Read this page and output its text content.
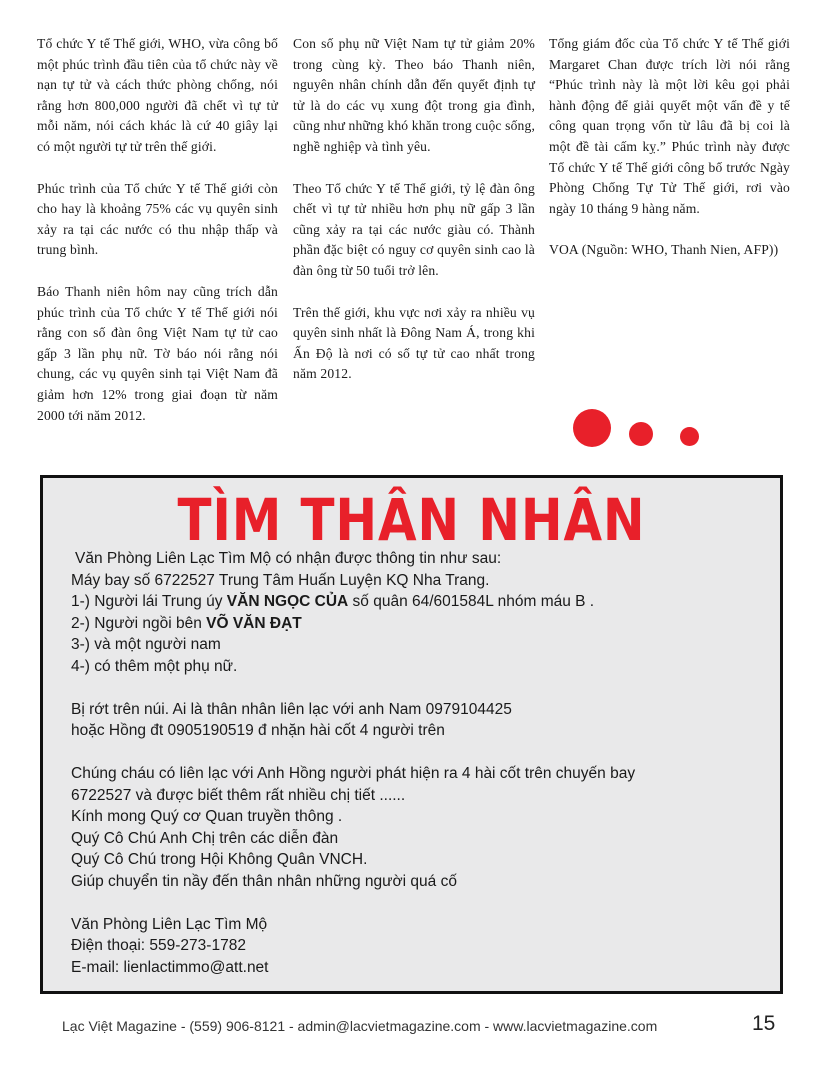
Tổ chức Y tế Thế giới, WHO, vừa công bố một phúc trình đầu tiên của tổ chức này về nạn tự tử và cách thức phòng chống, nói rằng hơn 800,000 người đã chết vì tự tử mỗi năm, nói cách khác là cứ 40 giây lại có một người tự tử trên thế giới.

Phúc trình của Tổ chức Y tế Thế giới còn cho hay là khoảng 75% các vụ quyên sinh xảy ra tại các nước có thu nhập thấp và trung bình.

Báo Thanh niên hôm nay cũng trích dẫn phúc trình của Tổ chức Y tế Thế giới nói rằng con số đàn ông Việt Nam tự tử cao gấp 3 lần phụ nữ. Tờ báo nói rằng nói chung, các vụ quyên sinh tại Việt Nam đã giảm hơn 12% trong giai đoạn từ năm 2000 tới năm 2012.

Con số phụ nữ Việt Nam tự tử giảm 20% trong cùng kỳ. Theo báo Thanh niên, nguyên nhân chính dẫn đến quyết định tự tử là do các vụ xung đột trong gia đình, cũng như những khó khăn trong cuộc sống, nghề nghiệp và tình yêu.

Theo Tổ chức Y tế Thế giới, tỷ lệ đàn ông chết vì tự tử nhiều hơn phụ nữ gấp 3 lần cũng xảy ra tại các nước giàu có. Thành phần đặc biệt có nguy cơ quyên sinh cao là đàn ông từ 50 tuổi trở lên.

Trên thế giới, khu vực nơi xảy ra nhiều vụ quyên sinh nhất là Đông Nam Á, trong khi Ấn Độ là nơi có số tự tử cao nhất trong năm 2012.

Tổng giám đốc của Tổ chức Y tế Thế giới Margaret Chan được trích lời nói rằng “Phúc trình này là một lời kêu gọi phải hành động để giải quyết một vấn đề y tế công quan trọng vốn từ lâu đã bị coi là một đề tài cấm kỵ.” Phúc trình này được Tổ chức Y tế Thế giới công bố trước Ngày Phòng Chống Tự Tử Thế giới, rơi vào ngày 10 tháng 9 hàng năm.

VOA (Nguồn: WHO, Thanh Nien, AFP))

TÌM THÂN NHÂN
Văn Phòng Liên Lạc Tìm Mộ có nhận được thông tin như sau:
Máy bay số 6722527 Trung Tâm Huấn Luyện KQ Nha Trang.
1-) Người lái Trung úy VĂN NGỌC CỦA số quân 64/601584L nhóm máu B .
2-) Người ngồi bên VÕ VĂN ĐẠT
3-) và một người nam
4-) có thêm một phụ nữ.
Bị rớt trên núi. Ai là thân nhân liên lạc với anh Nam 0979104425
hoặc Hồng đt 0905190519 đ nhặn hài cốt 4 người trên
Chúng cháu có liên lạc với Anh Hồng người phát hiện ra 4 hài cốt trên chuyến bay
6722527 và được biết thêm rất nhiều chị tiết ......
Kính mong Quý cơ Quan truyền thông .
Quý Cô Chú Anh Chị trên các diễn đàn
Quý Cô Chú trong Hội Không Quân VNCH.
Giúp chuyển tin nầy đến thân nhân những người quá cố
Văn Phòng Liên Lạc Tìm Mộ
Điện thoại: 559-273-1782
E-mail: lienlactimmo@att.net
Lạc Việt Magazine - (559) 906-8121 - admin@lacvietmagazine.com - www.lacvietmagazine.com	15
